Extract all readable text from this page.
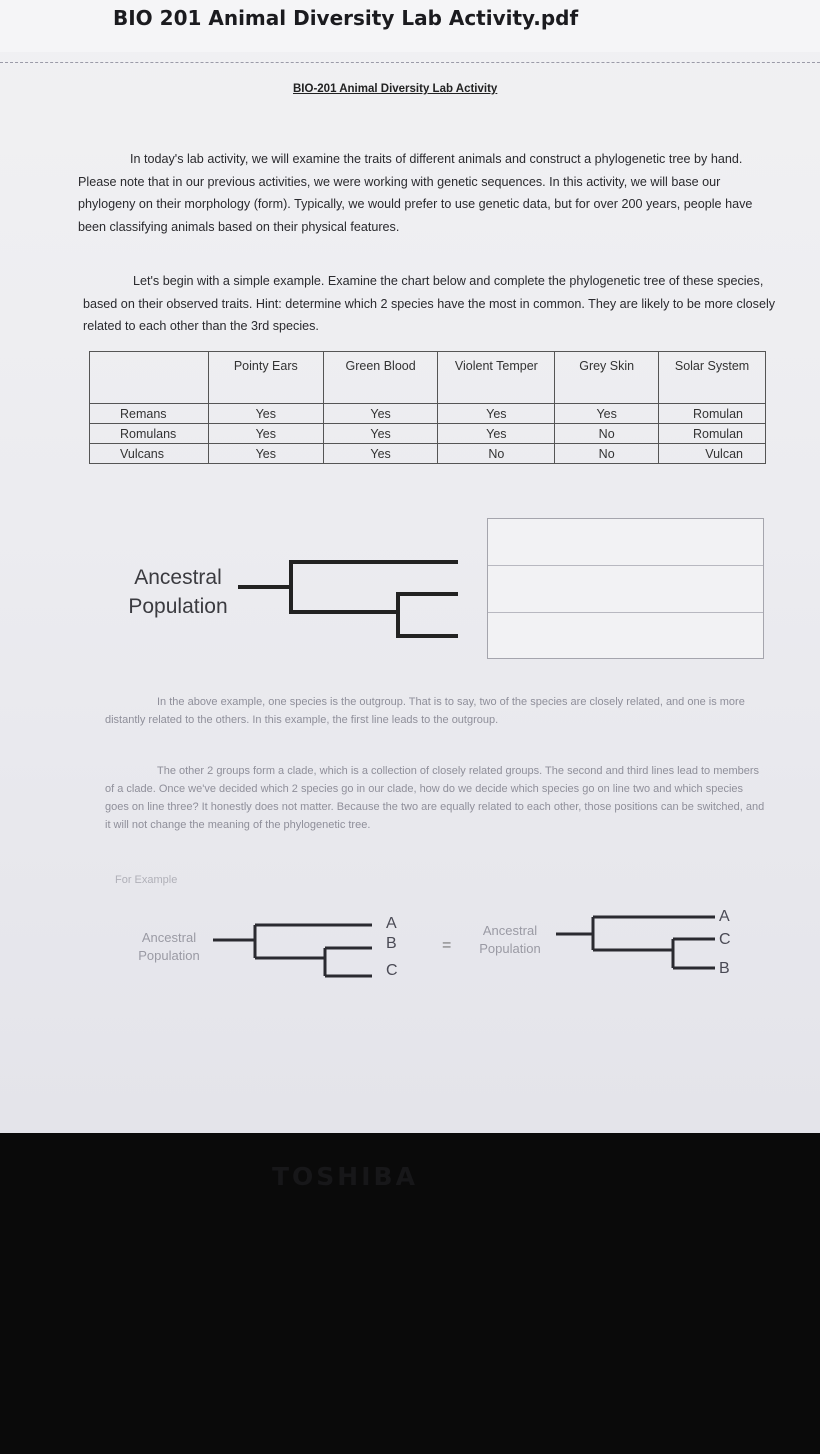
BIO 201 Animal Diversity Lab Activity.pdf
BIO-201 Animal Diversity Lab Activity

In today's lab activity, we will examine the traits of different animals and construct a phylogenetic tree by hand. Please note that in our previous activities, we were working with genetic sequences. In this activity, we will base our phylogeny on their morphology (form). Typically, we would prefer to use genetic data, but for over 200 years, people have been classifying animals based on their physical features.

Let's begin with a simple example. Examine the chart below and complete the phylogenetic tree of these species, based on their observed traits. Hint: determine which 2 species have the most in common. They are likely to be more closely related to each other than the 3rd species.

	Pointy Ears	Green Blood	Violent Temper	Grey Skin	Solar System
Remans	Yes	Yes	Yes	Yes	Romulan
Romulans	Yes	Yes	Yes	No	Romulan
Vulcans	Yes	Yes	No	No	Vulcan
Ancestral
Population

In the above example, one species is the outgroup. That is to say, two of the species are closely related, and one is more distantly related to the others. In this example, the first line leads to the outgroup.

The other 2 groups form a clade, which is a collection of closely related groups. The second and third lines lead to members of a clade. Once we've decided which 2 species go in our clade, how do we decide which species go on line two and which species goes on line three? It honestly does not matter. Because the two are equally related to each other, those positions can be switched, and it will not change the meaning of the phylogenetic tree.

For Example
Ancestral
Population
A
B
C
=
Ancestral
Population
A
C
B
TOSHIBA
